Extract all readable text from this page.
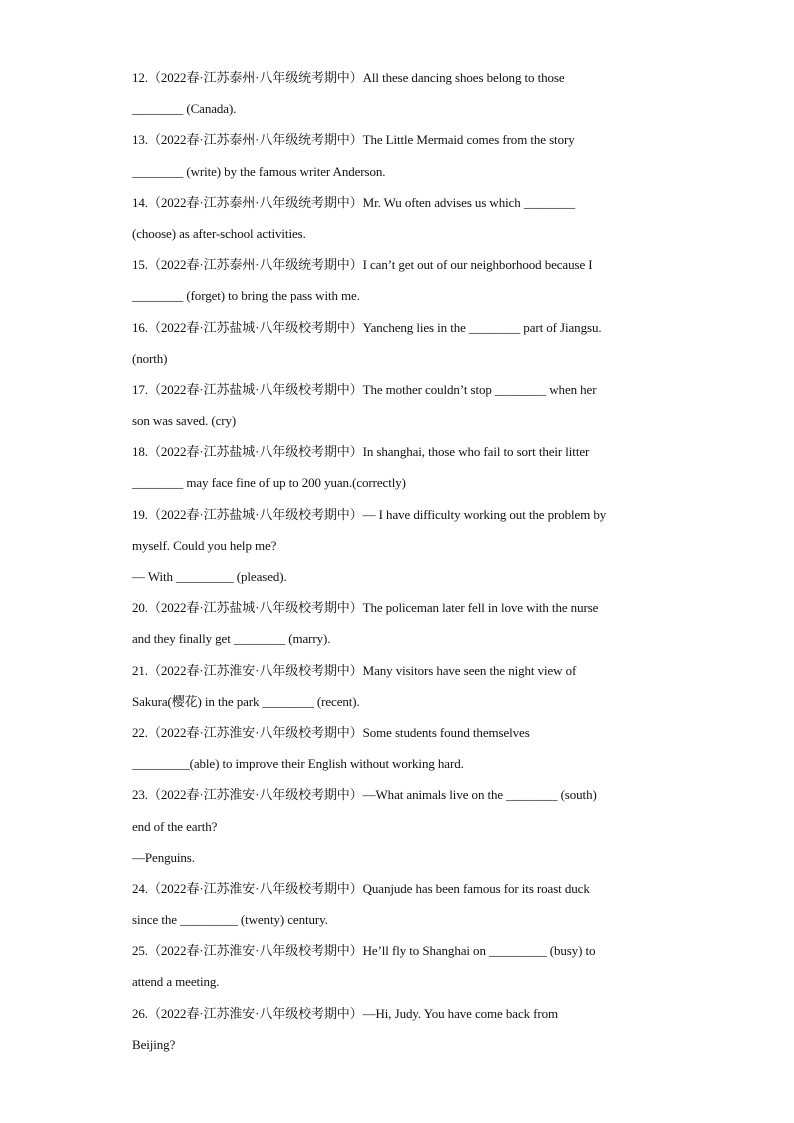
12.（2022春·江苏泰州·八年级统考期中）All these dancing shoes belong to those
________ (Canada).
13.（2022春·江苏泰州·八年级统考期中）The Little Mermaid comes from the story
________ (write) by the famous writer Anderson.
14.（2022春·江苏泰州·八年级统考期中）Mr. Wu often advises us which ________
(choose) as after-school activities.
15.（2022春·江苏泰州·八年级统考期中）I can’t get out of our neighborhood because I
________ (forget) to bring the pass with me.
16.（2022春·江苏盐城·八年级校考期中）Yancheng lies in the ________ part of Jiangsu.
(north)
17.（2022春·江苏盐城·八年级校考期中）The mother couldn’t stop ________ when her
son was saved. (cry)
18.（2022春·江苏盐城·八年级校考期中）In shanghai, those who fail to sort their litter
________ may face fine of up to 200 yuan.(correctly)
19.（2022春·江苏盐城·八年级校考期中）— I have difficulty working out the problem by
myself. Could you help me?
— With _________ (pleased).
20.（2022春·江苏盐城·八年级校考期中）The policeman later fell in love with the nurse
and they finally get ________ (marry).
21.（2022春·江苏淮安·八年级校考期中）Many visitors have seen the night view of
Sakura(樱花) in the park ________ (recent).
22.（2022春·江苏淮安·八年级校考期中）Some students found themselves
_________(able) to improve their English without working hard.
23.（2022春·江苏淮安·八年级校考期中）—What animals live on the ________ (south)
end of the earth?
—Penguins.
24.（2022春·江苏淮安·八年级校考期中）Quanjude has been famous for its roast duck
since the _________ (twenty) century.
25.（2022春·江苏淮安·八年级校考期中）He’ll fly to Shanghai on _________ (busy) to
attend a meeting.
26.（2022春·江苏淮安·八年级校考期中）—Hi, Judy. You have come back from
Beijing?
